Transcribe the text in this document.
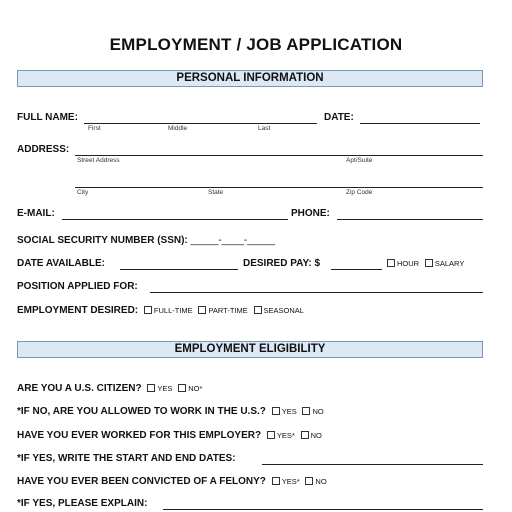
EMPLOYMENT / JOB APPLICATION
PERSONAL INFORMATION
FULL NAME:
First	Middle	Last
DATE:
ADDRESS:
Street Address	Apt/Suite
City	State	Zip Code
E-MAIL:	PHONE:
SOCIAL SECURITY NUMBER (SSN): _____-____-_____
DATE AVAILABLE:	DESIRED PAY: $	HOUR SALARY
POSITION APPLIED FOR:
EMPLOYMENT DESIRED: FULL-TIME PART-TIME SEASONAL
EMPLOYMENT ELIGIBILITY
ARE YOU A U.S. CITIZEN? YES NO*
*IF NO, ARE YOU ALLOWED TO WORK IN THE U.S.? YES NO
HAVE YOU EVER WORKED FOR THIS EMPLOYER? YES* NO
*IF YES, WRITE THE START AND END DATES:
HAVE YOU EVER BEEN CONVICTED OF A FELONY? YES* NO
*IF YES, PLEASE EXPLAIN:
